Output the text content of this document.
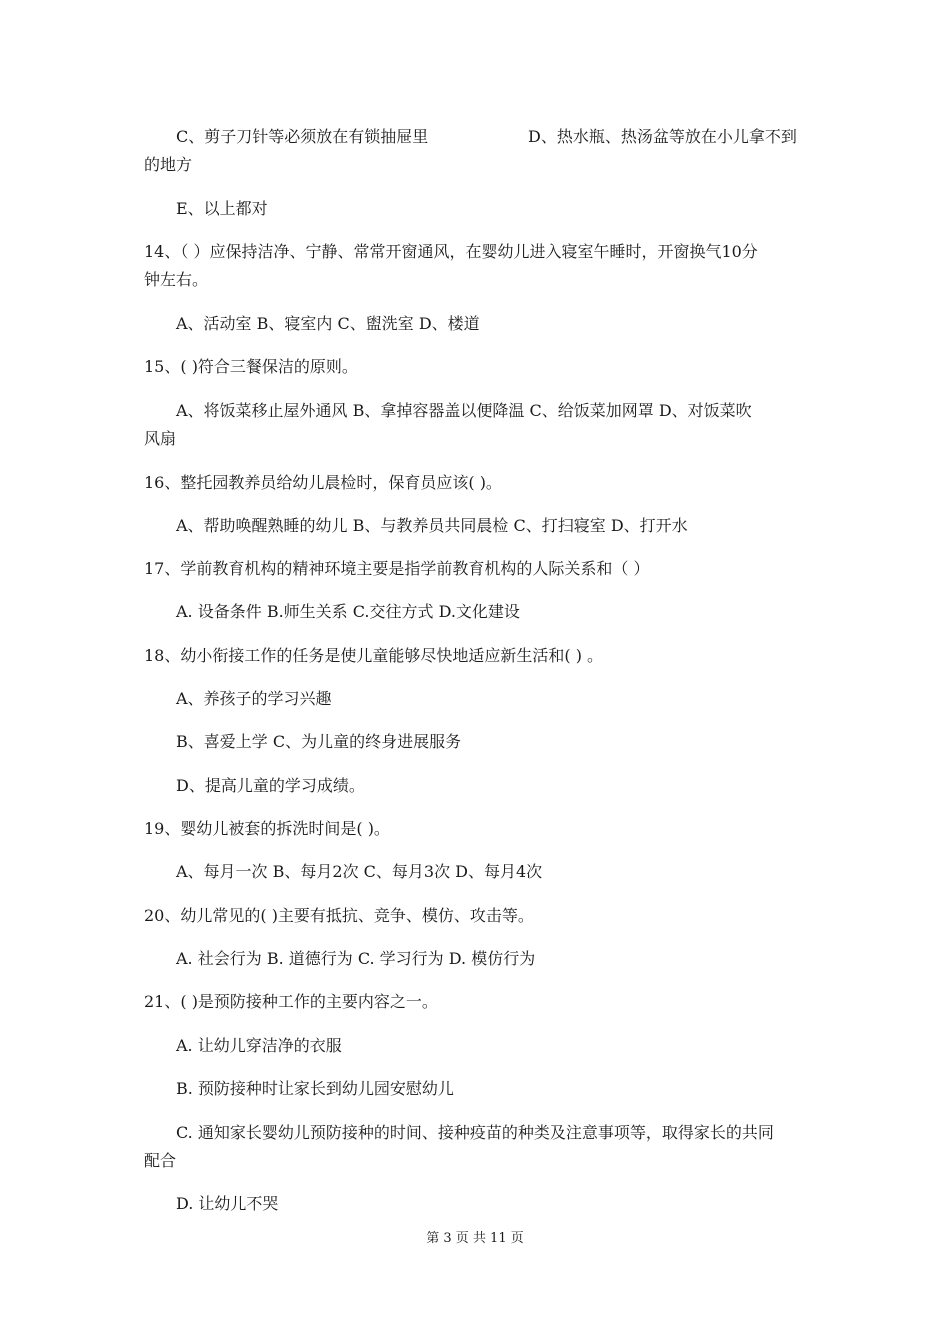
C、剪子刀针等必须放在有锁抽屉里	D、热水瓶、热汤盆等放在小儿拿不到
的地方
E、以上都对
14、（ ）应保持洁净、宁静、常常开窗通风，在婴幼儿进入寝室午睡时，开窗换气10分
钟左右。
A、活动室 B、寝室内 C、盥洗室 D、楼道
15、( )符合三餐保洁的原则。
A、将饭菜移止屋外通风 B、拿掉容器盖以便降温 C、给饭菜加网罩 D、对饭菜吹
风扇
16、整托园教养员给幼儿晨检时，保育员应该( )。
A、帮助唤醒熟睡的幼儿 B、与教养员共同晨检 C、打扫寝室 D、打开水
17、学前教育机构的精神环境主要是指学前教育机构的人际关系和（ ）
A. 设备条件 B.师生关系 C.交往方式 D.文化建设
18、幼小衔接工作的任务是使儿童能够尽快地适应新生活和( ) 。
A、养孩子的学习兴趣
B、喜爱上学 C、为儿童的终身进展服务
D、提高儿童的学习成绩。
19、婴幼儿被套的拆洗时间是( )。
A、每月一次 B、每月2次 C、每月3次 D、每月4次
20、幼儿常见的( )主要有抵抗、竞争、模仿、攻击等。
A. 社会行为 B. 道德行为 C. 学习行为 D. 模仿行为
21、( )是预防接种工作的主要内容之一。
A. 让幼儿穿洁净的衣服
B. 预防接种时让家长到幼儿园安慰幼儿
C. 通知家长婴幼儿预防接种的时间、接种疫苗的种类及注意事项等，取得家长的共同
配合
D. 让幼儿不哭
第 3 页 共 11 页
